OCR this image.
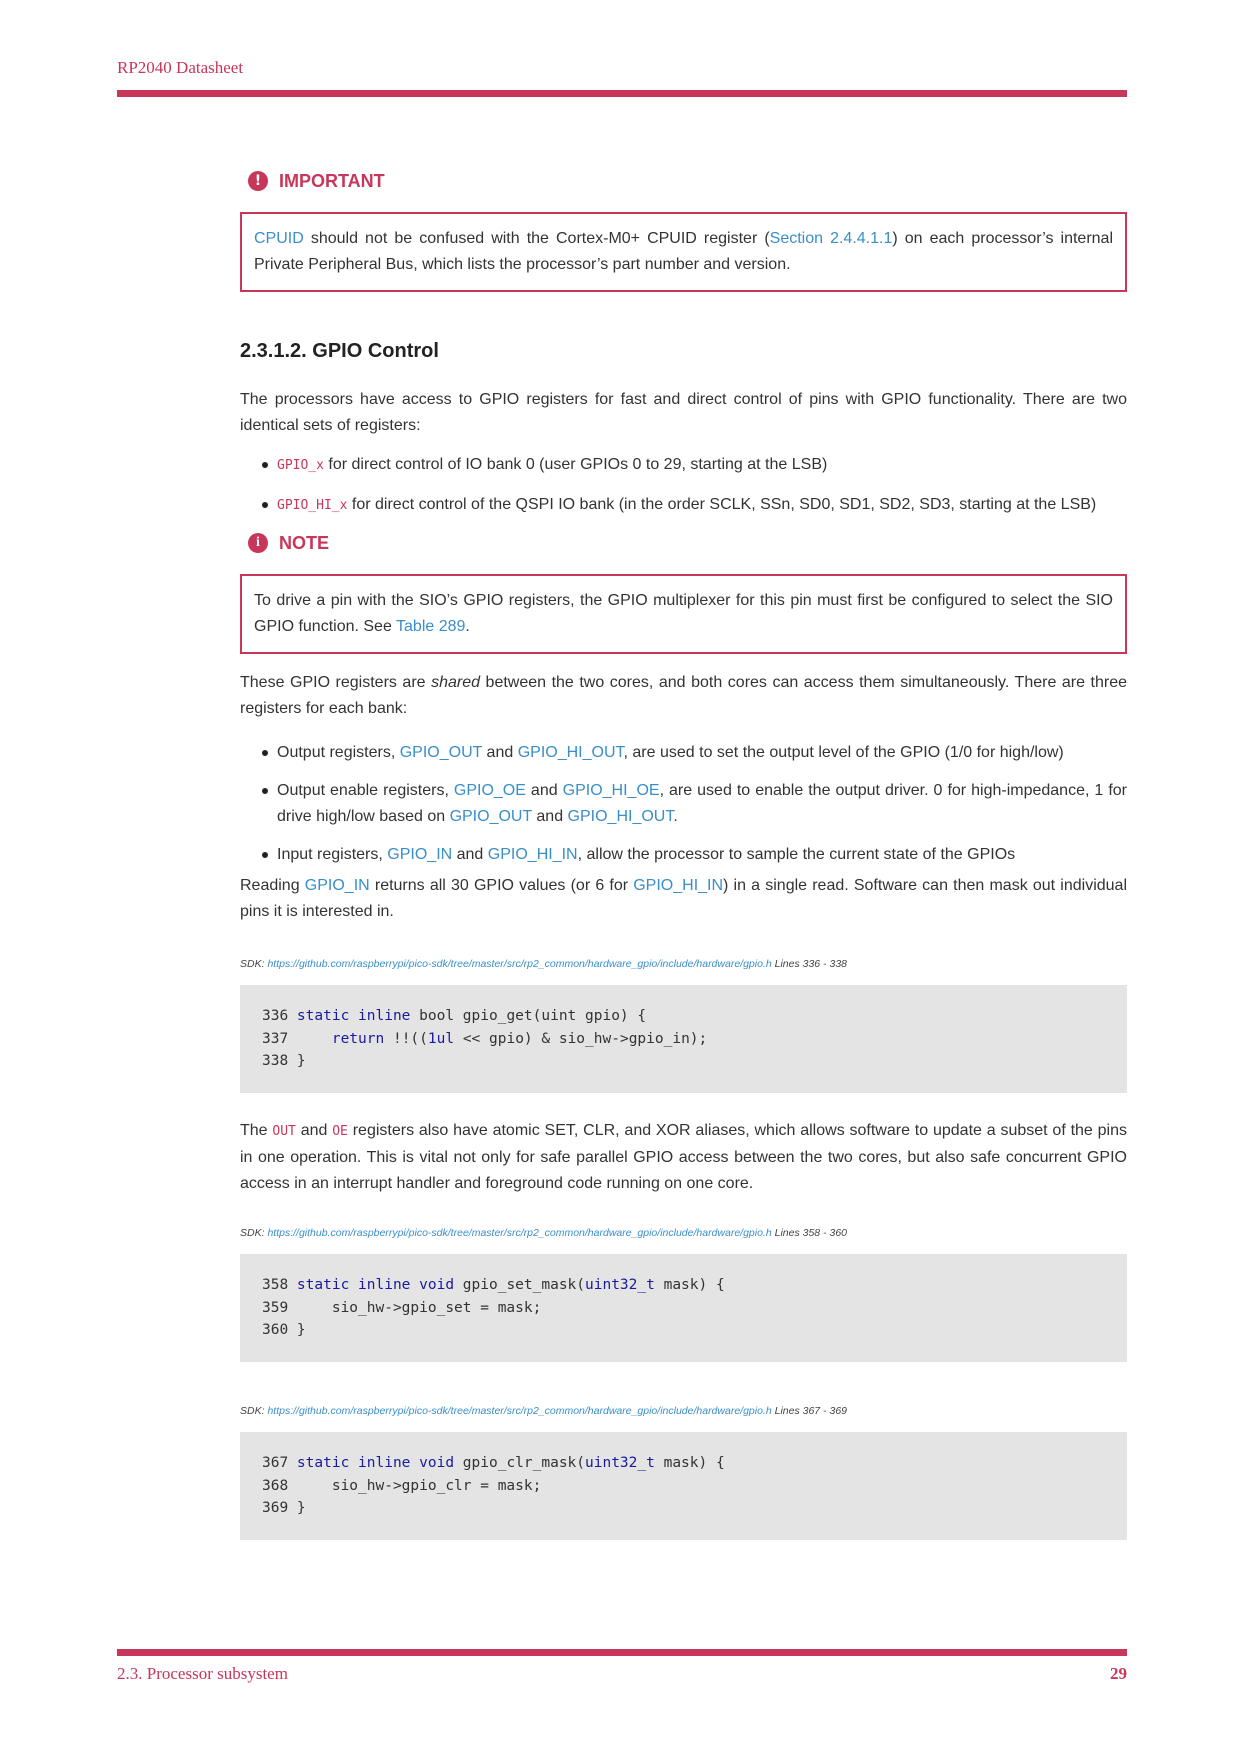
RP2040 Datasheet
! IMPORTANT
CPUID should not be confused with the Cortex-M0+ CPUID register (Section 2.4.4.1.1) on each processor’s internal Private Peripheral Bus, which lists the processor’s part number and version.
2.3.1.2. GPIO Control

The processors have access to GPIO registers for fast and direct control of pins with GPIO functionality. There are two identical sets of registers:

GPIO_x for direct control of IO bank 0 (user GPIOs 0 to 29, starting at the LSB)
GPIO_HI_x for direct control of the QSPI IO bank (in the order SCLK, SSn, SD0, SD1, SD2, SD3, starting at the LSB)
i	NOTE
To drive a pin with the SIO’s GPIO registers, the GPIO multiplexer for this pin must first be configured to select the SIO GPIO function. See Table 289.

These GPIO registers are shared between the two cores, and both cores can access them simultaneously. There are three registers for each bank:

Output registers, GPIO_OUT and GPIO_HI_OUT, are used to set the output level of the GPIO (1/0 for high/low)
Output enable registers, GPIO_OE and GPIO_HI_OE, are used to enable the output driver. 0 for high-impedance, 1 for drive high/low based on GPIO_OUT and GPIO_HI_OUT.
Input registers, GPIO_IN and GPIO_HI_IN, allow the processor to sample the current state of the GPIOs

Reading GPIO_IN returns all 30 GPIO values (or 6 for GPIO_HI_IN) in a single read. Software can then mask out individual pins it is interested in.

SDK: https://github.com/raspberrypi/pico-sdk/tree/master/src/rp2_common/hardware_gpio/include/hardware/gpio.h Lines 336 - 338
336 static inline bool gpio_get(uint gpio) {
337     return !!((1ul << gpio) & sio_hw->gpio_in);
338 }

The OUT and OE registers also have atomic SET, CLR, and XOR aliases, which allows software to update a subset of the pins in one operation. This is vital not only for safe parallel GPIO access between the two cores, but also safe concurrent GPIO access in an interrupt handler and foreground code running on one core.

SDK: https://github.com/raspberrypi/pico-sdk/tree/master/src/rp2_common/hardware_gpio/include/hardware/gpio.h Lines 358 - 360
358 static inline void gpio_set_mask(uint32_t mask) {
359     sio_hw->gpio_set = mask;
360 }
SDK: https://github.com/raspberrypi/pico-sdk/tree/master/src/rp2_common/hardware_gpio/include/hardware/gpio.h Lines 367 - 369
367 static inline void gpio_clr_mask(uint32_t mask) {
368     sio_hw->gpio_clr = mask;
369 }
2.3. Processor subsystem	29
